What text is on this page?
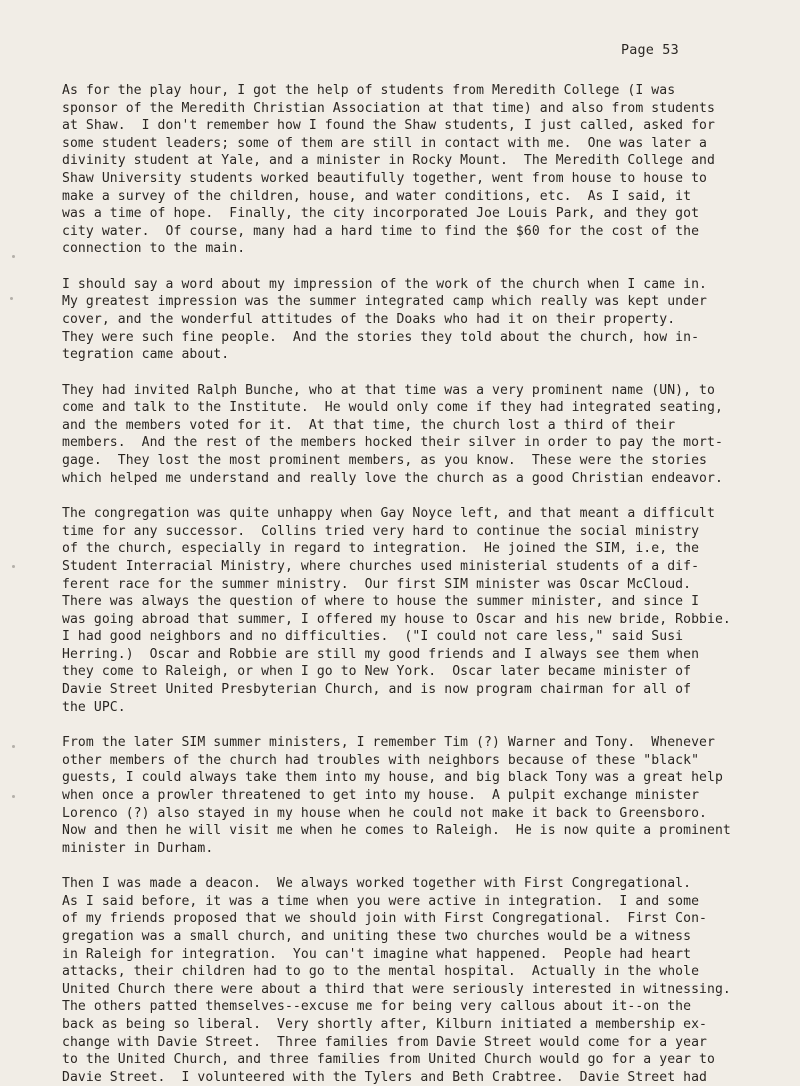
Page 53
As for the play hour, I got the help of students from Meredith College (I was
sponsor of the Meredith Christian Association at that time) and also from students
at Shaw.  I don't remember how I found the Shaw students, I just called, asked for
some student leaders; some of them are still in contact with me.  One was later a
divinity student at Yale, and a minister in Rocky Mount.  The Meredith College and
Shaw University students worked beautifully together, went from house to house to
make a survey of the children, house, and water conditions, etc.  As I said, it
was a time of hope.  Finally, the city incorporated Joe Louis Park, and they got
city water.  Of course, many had a hard time to find the $60 for the cost of the
connection to the main.
I should say a word about my impression of the work of the church when I came in.
My greatest impression was the summer integrated camp which really was kept under
cover, and the wonderful attitudes of the Doaks who had it on their property.
They were such fine people.  And the stories they told about the church, how in-
tegration came about.
They had invited Ralph Bunche, who at that time was a very prominent name (UN), to
come and talk to the Institute.  He would only come if they had integrated seating,
and the members voted for it.  At that time, the church lost a third of their
members.  And the rest of the members hocked their silver in order to pay the mort-
gage.  They lost the most prominent members, as you know.  These were the stories
which helped me understand and really love the church as a good Christian endeavor.
The congregation was quite unhappy when Gay Noyce left, and that meant a difficult
time for any successor.  Collins tried very hard to continue the social ministry
of the church, especially in regard to integration.  He joined the SIM, i.e, the
Student Interracial Ministry, where churches used ministerial students of a dif-
ferent race for the summer ministry.  Our first SIM minister was Oscar McCloud.
There was always the question of where to house the summer minister, and since I
was going abroad that summer, I offered my house to Oscar and his new bride, Robbie.
I had good neighbors and no difficulties.  ("I could not care less," said Susi
Herring.)  Oscar and Robbie are still my good friends and I always see them when
they come to Raleigh, or when I go to New York.  Oscar later became minister of
Davie Street United Presbyterian Church, and is now program chairman for all of
the UPC.
From the later SIM summer ministers, I remember Tim (?) Warner and Tony.  Whenever
other members of the church had troubles with neighbors because of these "black"
guests, I could always take them into my house, and big black Tony was a great help
when once a prowler threatened to get into my house.  A pulpit exchange minister
Lorenco (?) also stayed in my house when he could not make it back to Greensboro.
Now and then he will visit me when he comes to Raleigh.  He is now quite a prominent
minister in Durham.
Then I was made a deacon.  We always worked together with First Congregational.
As I said before, it was a time when you were active in integration.  I and some
of my friends proposed that we should join with First Congregational.  First Con-
gregation was a small church, and uniting these two churches would be a witness
in Raleigh for integration.  You can't imagine what happened.  People had heart
attacks, their children had to go to the mental hospital.  Actually in the whole
United Church there were about a third that were seriously interested in witnessing.
The others patted themselves--excuse me for being very callous about it--on the
back as being so liberal.  Very shortly after, Kilburn initiated a membership ex-
change with Davie Street.  Three families from Davie Street would come for a year
to the United Church, and three families from United Church would go for a year to
Davie Street.  I volunteered with the Tylers and Beth Crabtree.  Davie Street had
